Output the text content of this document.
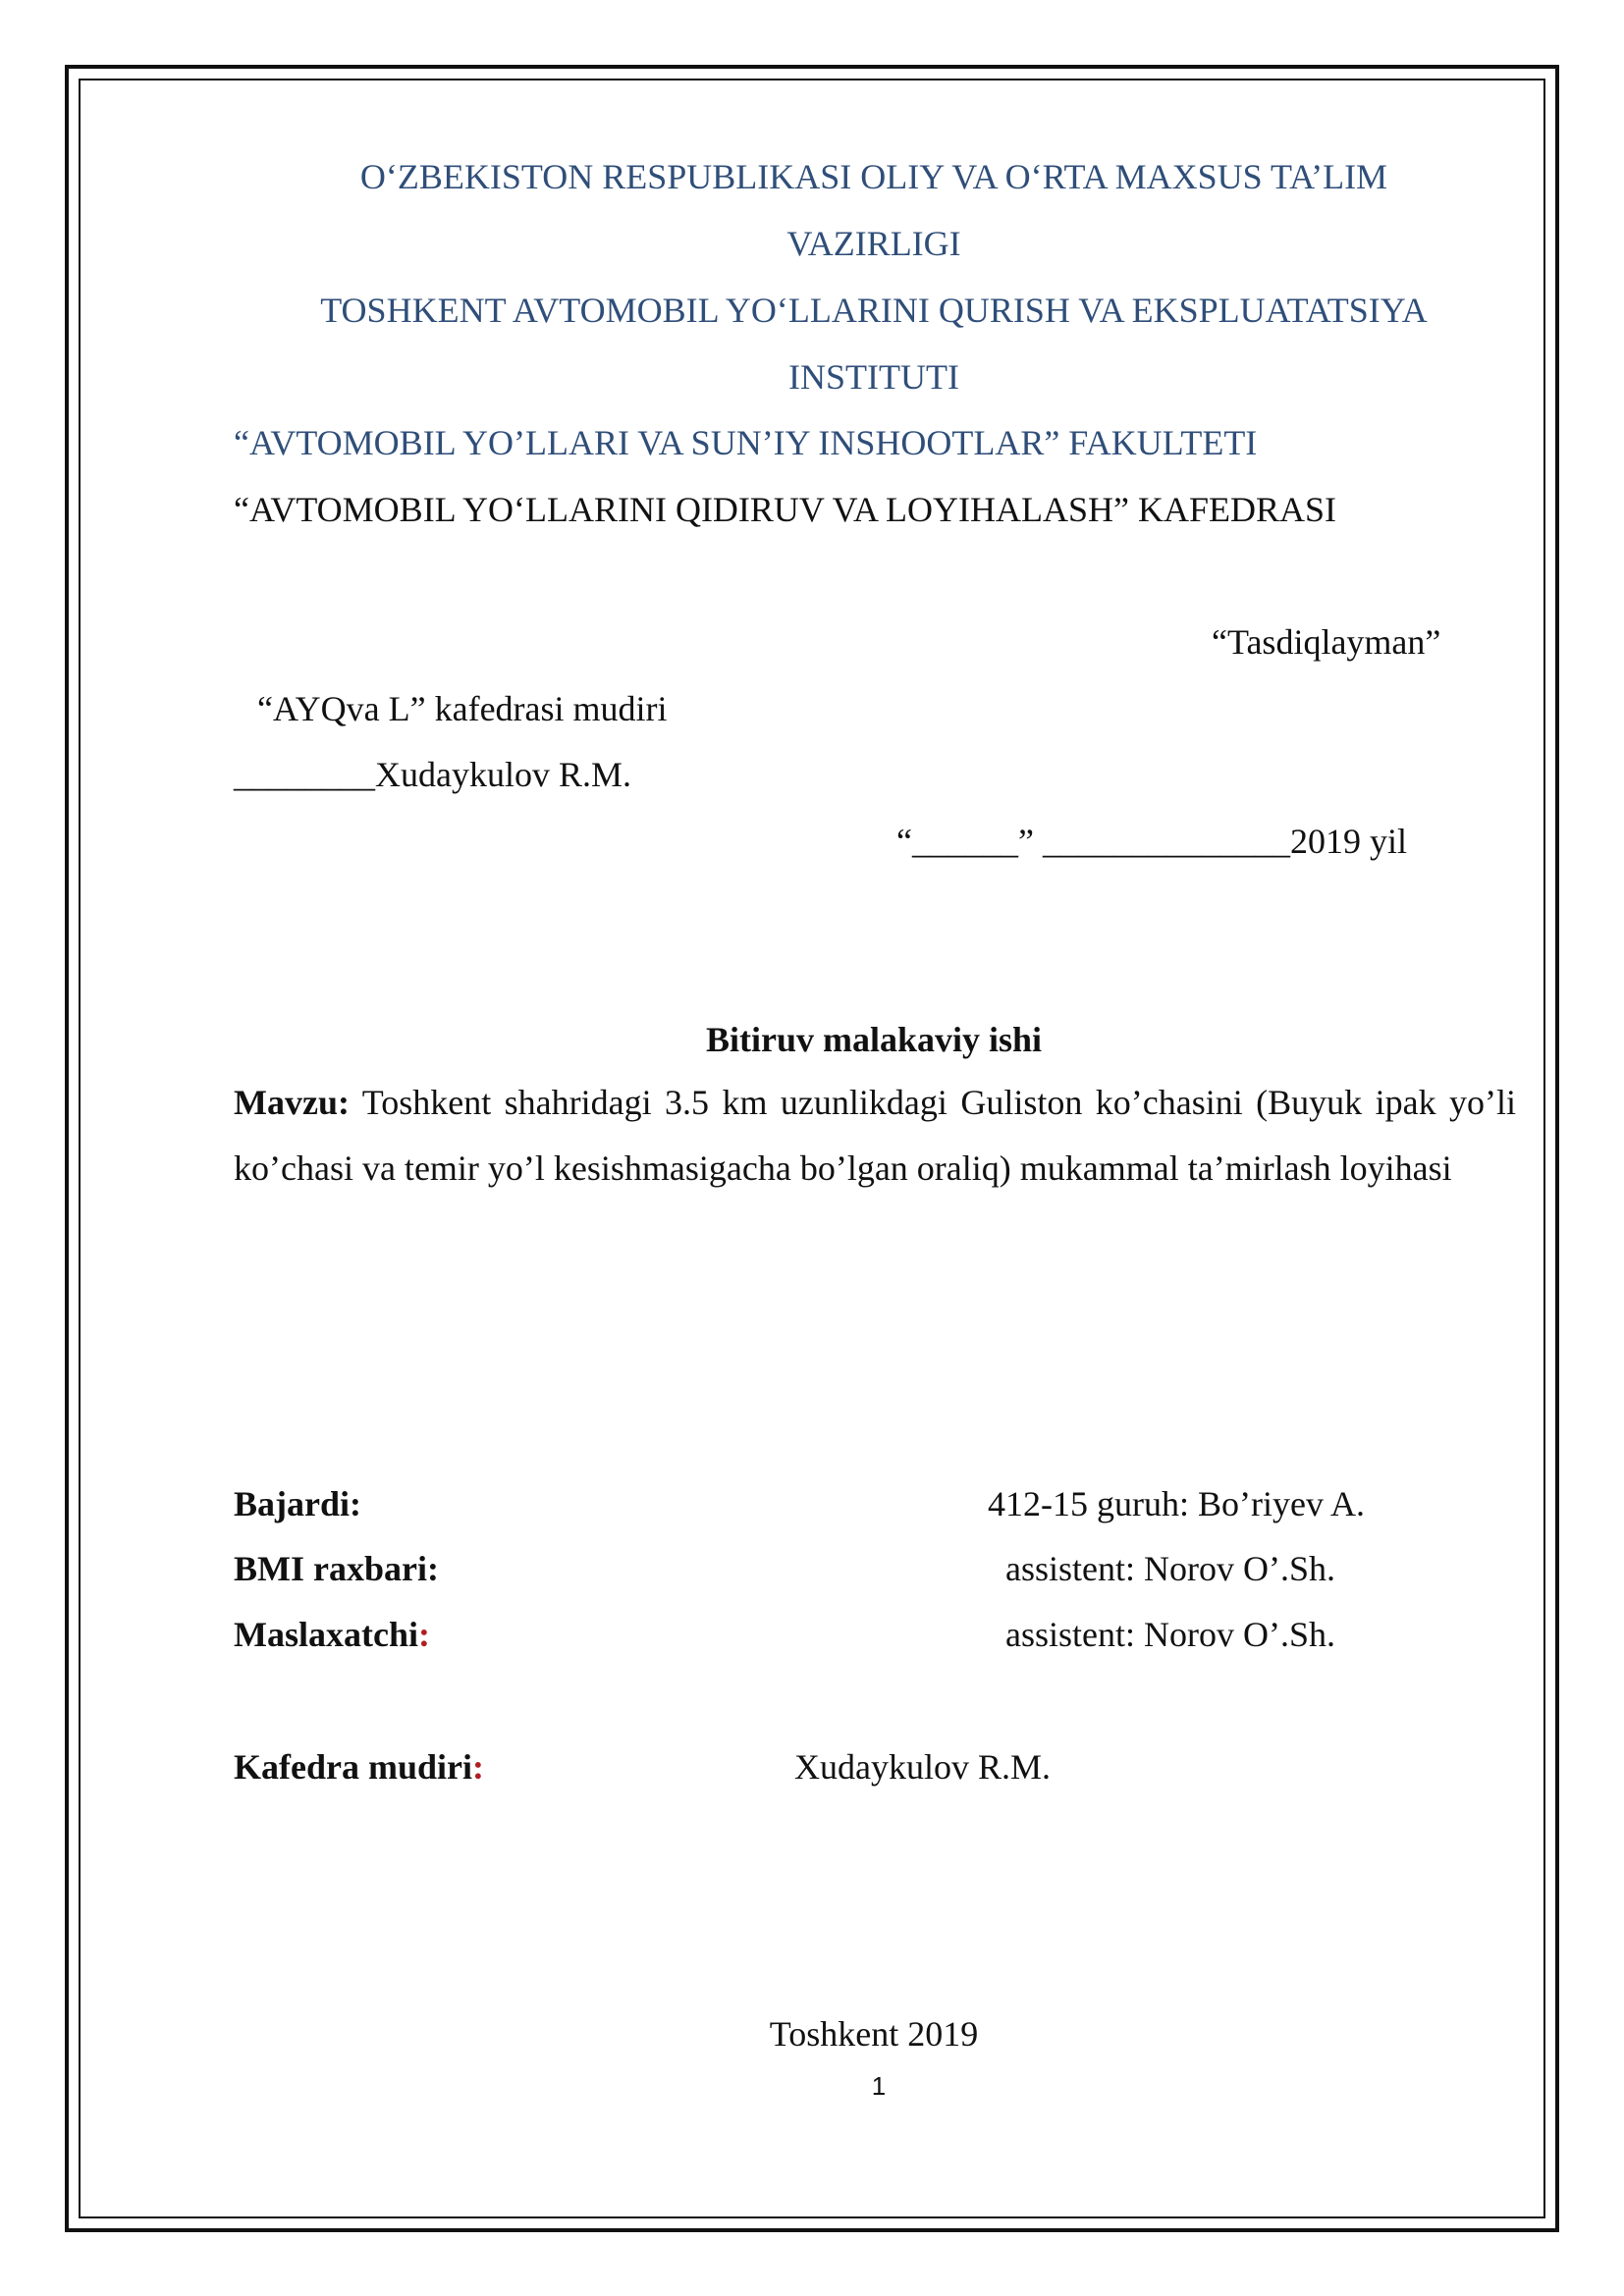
O‘ZBEKISTON RESPUBLIKASI OLIY VA O‘RTA MAXSUS TA’LIM
VAZIRLIGI
TOSHKENT AVTOMOBIL YO‘LLARINI QURISH VA EKSPLUATATSIYA
INSTITUTI
“AVTOMOBIL YO’LLARI VA SUN’IY INSHOOTLAR” FAKULTETI
“AVTOMOBIL YO‘LLARINI QIDIRUV VA LOYIHALASH” KAFEDRASI
“Tasdiqlayman”
“AYQva L” kafedrasi mudiri
________Xudaykulov R.M.
“______” ______________2019 yil
Bitiruv malakaviy ishi
Mavzu: Toshkent shahridagi 3.5 km uzunlikdagi Guliston ko’chasini (Buyuk ipak yo’li ko’chasi va temir yo’l kesishmasigacha bo’lgan oraliq) mukammal ta’mirlash loyihasi
Bajardi:	412-15 guruh: Bo’riyev A.
BMI raxbari:	assistent: Norov O’.Sh.
Maslaxatchi:	assistent: Norov O’.Sh.
Kafedra mudiri:	Xudaykulov R.M.
Toshkent 2019
1
